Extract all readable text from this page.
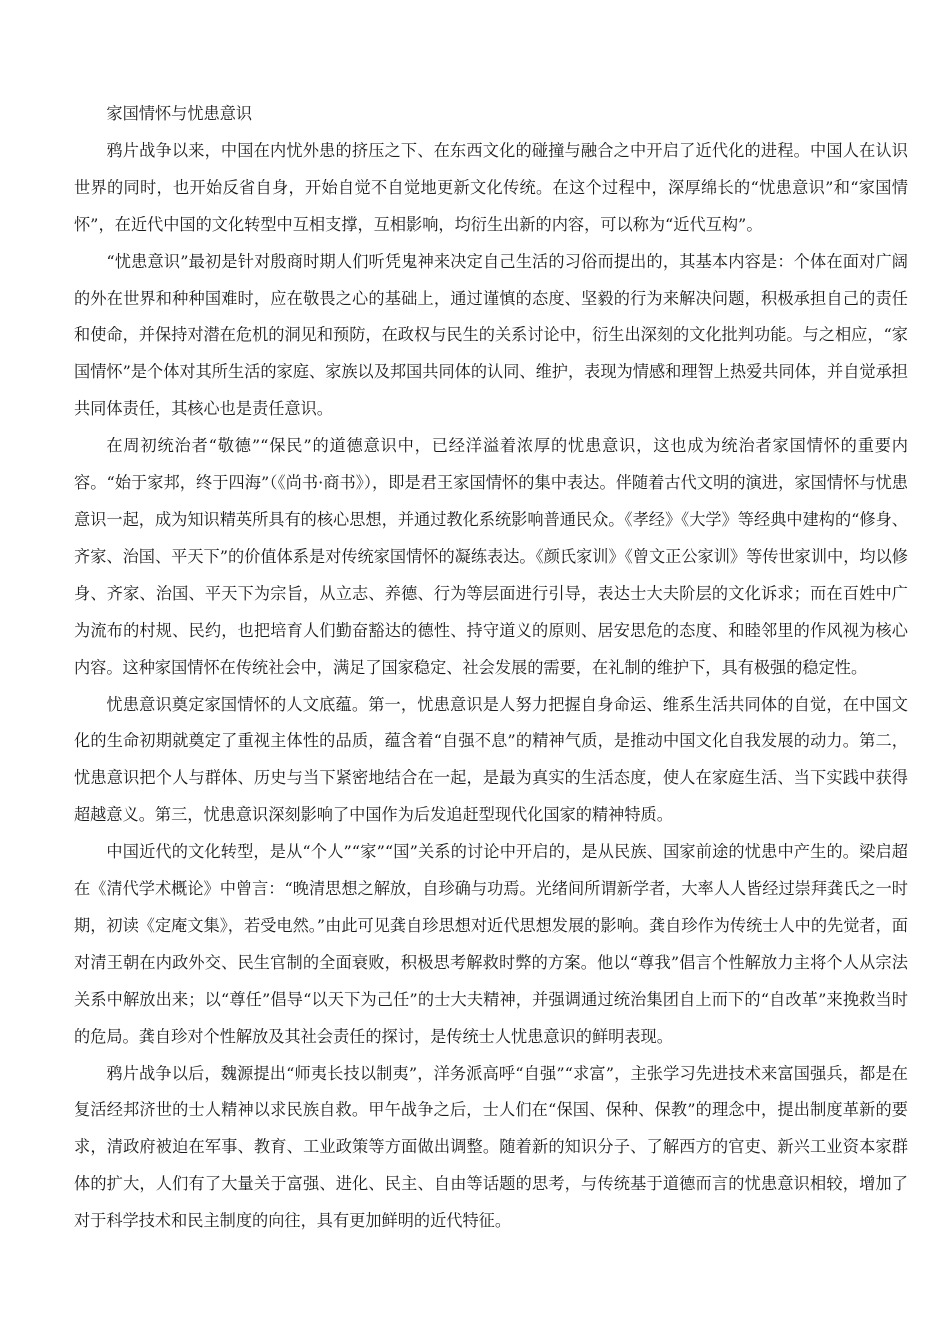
家国情怀与忧患意识

鸦片战争以来，中国在内忧外患的挤压之下、在东西文化的碰撞与融合之中开启了近代化的进程。中国人在认识世界的同时，也开始反省自身，开始自觉不自觉地更新文化传统。在这个过程中，深厚绵长的“忧患意识”和“家国情怀”，在近代中国的文化转型中互相支撑，互相影响，均衍生出新的内容，可以称为“近代互构”。

“忧患意识”最初是针对殷商时期人们听凭鬼神来决定自己生活的习俗而提出的，其基本内容是：个体在面对广阔的外在世界和种种国难时，应在敬畏之心的基础上，通过谨慎的态度、坚毅的行为来解决问题，积极承担自己的责任和使命，并保持对潜在危机的洞见和预防，在政权与民生的关系讨论中，衍生出深刻的文化批判功能。与之相应，“家国情怀”是个体对其所生活的家庭、家族以及邦国共同体的认同、维护，表现为情感和理智上热爱共同体，并自觉承担共同体责任，其核心也是责任意识。

在周初统治者“敬德”“保民”的道德意识中，已经洋溢着浓厚的忧患意识，这也成为统治者家国情怀的重要内容。“始于家邦，终于四海”（《尚书·商书》），即是君王家国情怀的集中表达。伴随着古代文明的演进，家国情怀与忧患意识一起，成为知识精英所具有的核心思想，并通过教化系统影响普通民众。《孝经》《大学》等经典中建构的“修身、齐家、治国、平天下”的价值体系是对传统家国情怀的凝练表达。《颜氏家训》《曾文正公家训》等传世家训中，均以修身、齐家、治国、平天下为宗旨，从立志、养德、行为等层面进行引导，表达士大夫阶层的文化诉求；而在百姓中广为流布的村规、民约，也把培育人们勤奋豁达的德性、持守道义的原则、居安思危的态度、和睦邻里的作风视为核心内容。这种家国情怀在传统社会中，满足了国家稳定、社会发展的需要，在礼制的维护下，具有极强的稳定性。

忧患意识奠定家国情怀的人文底蕴。第一，忧患意识是人努力把握自身命运、维系生活共同体的自觉，在中国文化的生命初期就奠定了重视主体性的品质，蕴含着“自强不息”的精神气质，是推动中国文化自我发展的动力。第二，忧患意识把个人与群体、历史与当下紧密地结合在一起，是最为真实的生活态度，使人在家庭生活、当下实践中获得超越意义。第三，忧患意识深刻影响了中国作为后发追赶型现代化国家的精神特质。

中国近代的文化转型，是从“个人”“家”“国”关系的讨论中开启的，是从民族、国家前途的忧患中产生的。梁启超在《清代学术概论》中曾言：“晚清思想之解放，自珍确与功焉。光绪间所谓新学者，大率人人皆经过崇拜龚氏之一时期，初读《定庵文集》，若受电然。”由此可见龚自珍思想对近代思想发展的影响。龚自珍作为传统士人中的先觉者，面对清王朝在内政外交、民生官制的全面衰败，积极思考解救时弊的方案。他以“尊我”倡言个性解放力主将个人从宗法关系中解放出来；以“尊任”倡导“以天下为己任”的士大夫精神，并强调通过统治集团自上而下的“自改革”来挽救当时的危局。龚自珍对个性解放及其社会责任的探讨，是传统士人忧患意识的鲜明表现。

鸦片战争以后，魏源提出“师夷长技以制夷”，洋务派高呼“自强”“求富”，主张学习先进技术来富国强兵，都是在复活经邦济世的士人精神以求民族自救。甲午战争之后，士人们在“保国、保种、保教”的理念中，提出制度革新的要求，清政府被迫在军事、教育、工业政策等方面做出调整。随着新的知识分子、了解西方的官吏、新兴工业资本家群体的扩大，人们有了大量关于富强、进化、民主、自由等话题的思考，与传统基于道德而言的忧患意识相较，增加了对于科学技术和民主制度的向往，具有更加鲜明的近代特征。
